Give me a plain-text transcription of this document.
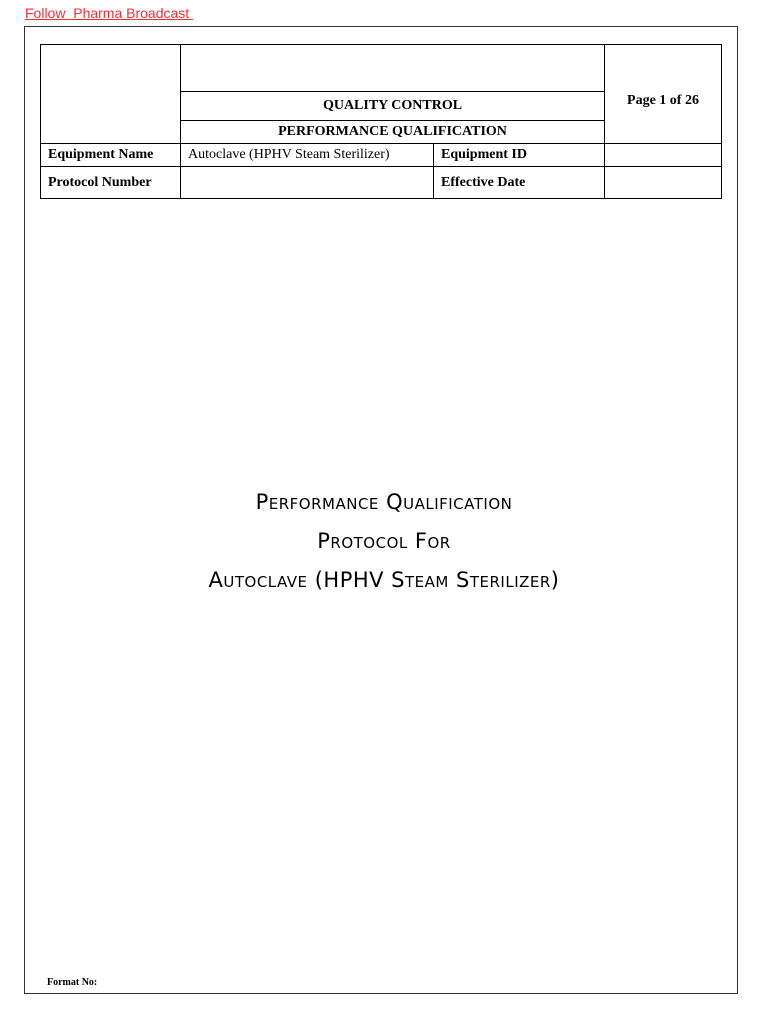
Follow  Pharma Broadcast
			Page 1 of 26
	QUALITY CONTROL		
	PERFORMANCE QUALIFICATION		
Equipment Name	Autoclave (HPHV Steam Sterilizer)	Equipment ID	
Protocol Number		Effective Date	
Performance Qualification
Protocol For
Autoclave (HPHV Steam Sterilizer)
Format No:
